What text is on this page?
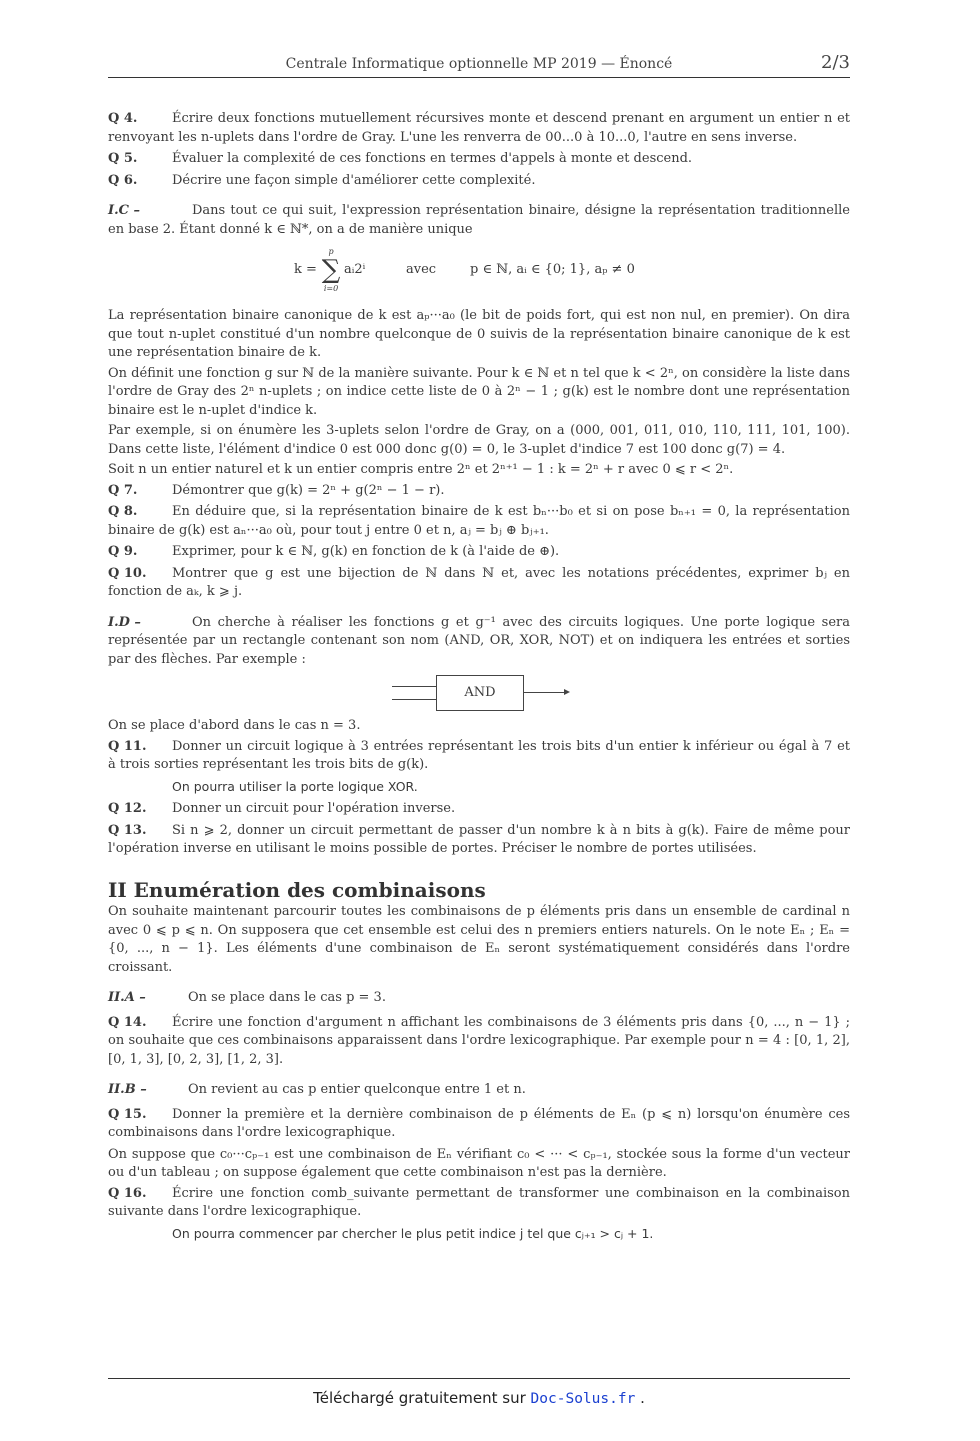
Centrale Informatique optionnelle MP 2019 — Énoncé	2/3

Q 4.	Écrire deux fonctions mutuellement récursives monte et descend prenant en argument un entier n et renvoyant les n-uplets dans l'ordre de Gray. L'une les renverra de 00...0 à 10...0, l'autre en sens inverse.

Q 5.	Évaluer la complexité de ces fonctions en termes d'appels à monte et descend.

Q 6.	Décrire une façon simple d'améliorer cette complexité.

I.C –	Dans tout ce qui suit, l'expression représentation binaire, désigne la représentation traditionnelle en base 2. Étant donné k ∈ ℕ*, on a de manière unique

k =
p
∑
i=0
aᵢ2ⁱ	avec	p ∈ ℕ, aᵢ ∈ {0; 1}, aₚ ≠ 0

La représentation binaire canonique de k est aₚ···a₀ (le bit de poids fort, qui est non nul, en premier). On dira que tout n-uplet constitué d'un nombre quelconque de 0 suivis de la représentation binaire canonique de k est une représentation binaire de k.

On définit une fonction g sur ℕ de la manière suivante. Pour k ∈ ℕ et n tel que k < 2ⁿ, on considère la liste dans l'ordre de Gray des 2ⁿ n-uplets ; on indice cette liste de 0 à 2ⁿ − 1 ; g(k) est le nombre dont une représentation binaire est le n-uplet d'indice k.

Par exemple, si on énumère les 3-uplets selon l'ordre de Gray, on a (000, 001, 011, 010, 110, 111, 101, 100). Dans cette liste, l'élément d'indice 0 est 000 donc g(0) = 0, le 3-uplet d'indice 7 est 100 donc g(7) = 4.

Soit n un entier naturel et k un entier compris entre 2ⁿ et 2ⁿ⁺¹ − 1 : k = 2ⁿ + r avec 0 ⩽ r < 2ⁿ.

Q 7.	Démontrer que g(k) = 2ⁿ + g(2ⁿ − 1 − r).

Q 8.	En déduire que, si la représentation binaire de k est bₙ···b₀ et si on pose bₙ₊₁ = 0, la représentation binaire de g(k) est aₙ···a₀ où, pour tout j entre 0 et n, aⱼ = bⱼ ⊕ bⱼ₊₁.

Q 9.	Exprimer, pour k ∈ ℕ, g(k) en fonction de k (à l'aide de ⊕).

Q 10. Montrer que g est une bijection de ℕ dans ℕ et, avec les notations précédentes, exprimer bⱼ en fonction de aₖ, k ⩾ j.

I.D –	On cherche à réaliser les fonctions g et g⁻¹ avec des circuits logiques. Une porte logique sera représentée par un rectangle contenant son nom (AND, OR, XOR, NOT) et on indiquera les entrées et sorties par des flèches. Par exemple :

AND

On se place d'abord dans le cas n = 3.

Q 11. Donner un circuit logique à 3 entrées représentant les trois bits d'un entier k inférieur ou égal à 7 et à trois sorties représentant les trois bits de g(k).

On pourra utiliser la porte logique XOR.

Q 12. Donner un circuit pour l'opération inverse.

Q 13. Si n ⩾ 2, donner un circuit permettant de passer d'un nombre k à n bits à g(k). Faire de même pour l'opération inverse en utilisant le moins possible de portes. Préciser le nombre de portes utilisées.

II Enumération des combinaisons

On souhaite maintenant parcourir toutes les combinaisons de p éléments pris dans un ensemble de cardinal n avec 0 ⩽ p ⩽ n. On supposera que cet ensemble est celui des n premiers entiers naturels. On le note Eₙ ; Eₙ = {0, ..., n − 1}. Les éléments d'une combinaison de Eₙ seront systématiquement considérés dans l'ordre croissant.

II.A –	On se place dans le cas p = 3.

Q 14. Écrire une fonction d'argument n affichant les combinaisons de 3 éléments pris dans {0, ..., n − 1} ; on souhaite que ces combinaisons apparaissent dans l'ordre lexicographique. Par exemple pour n = 4 : [0, 1, 2], [0, 1, 3], [0, 2, 3], [1, 2, 3].

II.B –	On revient au cas p entier quelconque entre 1 et n.

Q 15. Donner la première et la dernière combinaison de p éléments de Eₙ (p ⩽ n) lorsqu'on énumère ces combinaisons dans l'ordre lexicographique.

On suppose que c₀···cₚ₋₁ est une combinaison de Eₙ vérifiant c₀ < ··· < cₚ₋₁, stockée sous la forme d'un vecteur ou d'un tableau ; on suppose également que cette combinaison n'est pas la dernière.

Q 16. Écrire une fonction comb_suivante permettant de transformer une combinaison en la combinaison suivante dans l'ordre lexicographique.

On pourra commencer par chercher le plus petit indice j tel que cⱼ₊₁ > cⱼ + 1.

Téléchargé gratuitement sur Doc-Solus.fr .
